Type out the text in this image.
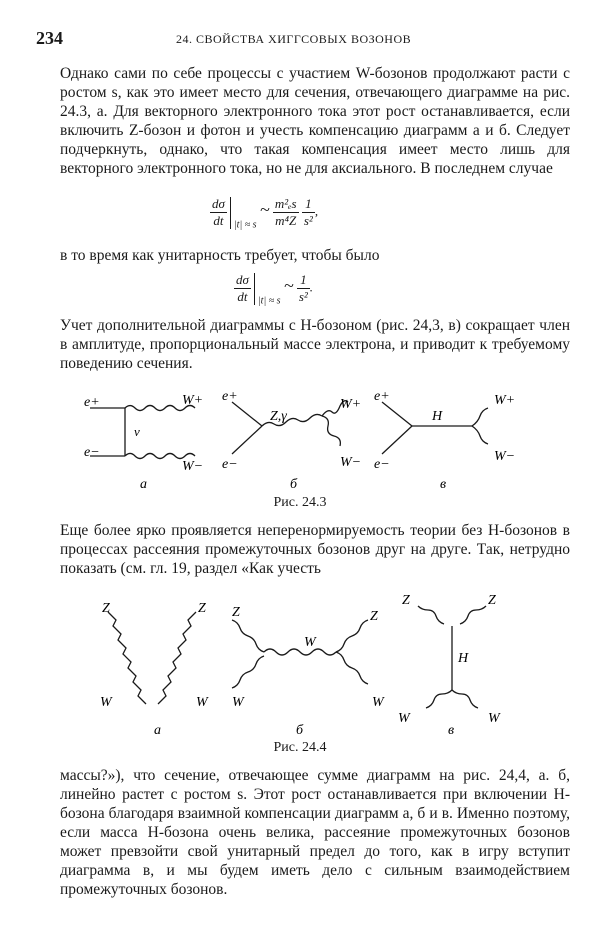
234	24. СВОЙСТВА ХИГГСОВЫХ ВОЗОНОВ

Однако сами по себе процессы с участием W-бозонов продолжают расти с ростом s, как это имеет место для сечения, отвечающего диаграмме на рис. 24.3, a. Для векторного электронного тока этот рост останавливается, если включить Z-бозон и фотон и учесть компенсацию диаграмм a и б. Следует подчеркнуть, однако, что такая компенсация имеет место лишь для векторного электронного тока, но не для аксиального. В последнем случае

$\frac{d\sigma}{dt} _{|t| \approx s}$ ~ $\frac{\text{m²ₑs}}{\text{m⁴Z}}$
$\frac{1}{\text{s²}}$ ,

в то время как унитарность требует, чтобы было

$\frac{d\sigma}{dt} _{|t| \approx s}$ ~ $\frac{1}{\text{s²}}$ .

Учет дополнительной диаграммы с H-бозоном (рис. 24,3, в) сокращает член в амплитуде, пропорциональный массе электрона, и приводит к требуемому поведению сечения.

e+
e−
ν
W+
W−
a
e+
e−
Z,γ
W+
W−
б
e+
e−
H
W+
W−
в
Рис. 24.3

Еще более ярко проявляется неперенормируемость теории без H-бозонов в процессах рассеяния промежуточных бозонов друг на друге. Так, нетрудно показать (см. гл. 19, раздел «Как учесть

Z	Z
W	W
a
Z	Z
W
W	W
б
Z	Z
H
W	W
в
Рис. 24.4

массы?»), что сечение, отвечающее сумме диаграмм на рис. 24,4, a. б, линейно растет с ростом s. Этот рост останавливается при включении H-бозона благодаря взаимной компенсации диаграмм a, б и в. Именно поэтому, если масса H-бозона очень велика, рассеяние промежуточных бозонов может превзойти свой унитарный предел до того, как в игру вступит диаграмма в, и мы будем иметь дело с сильным взаимодействием промежуточных бозонов.
